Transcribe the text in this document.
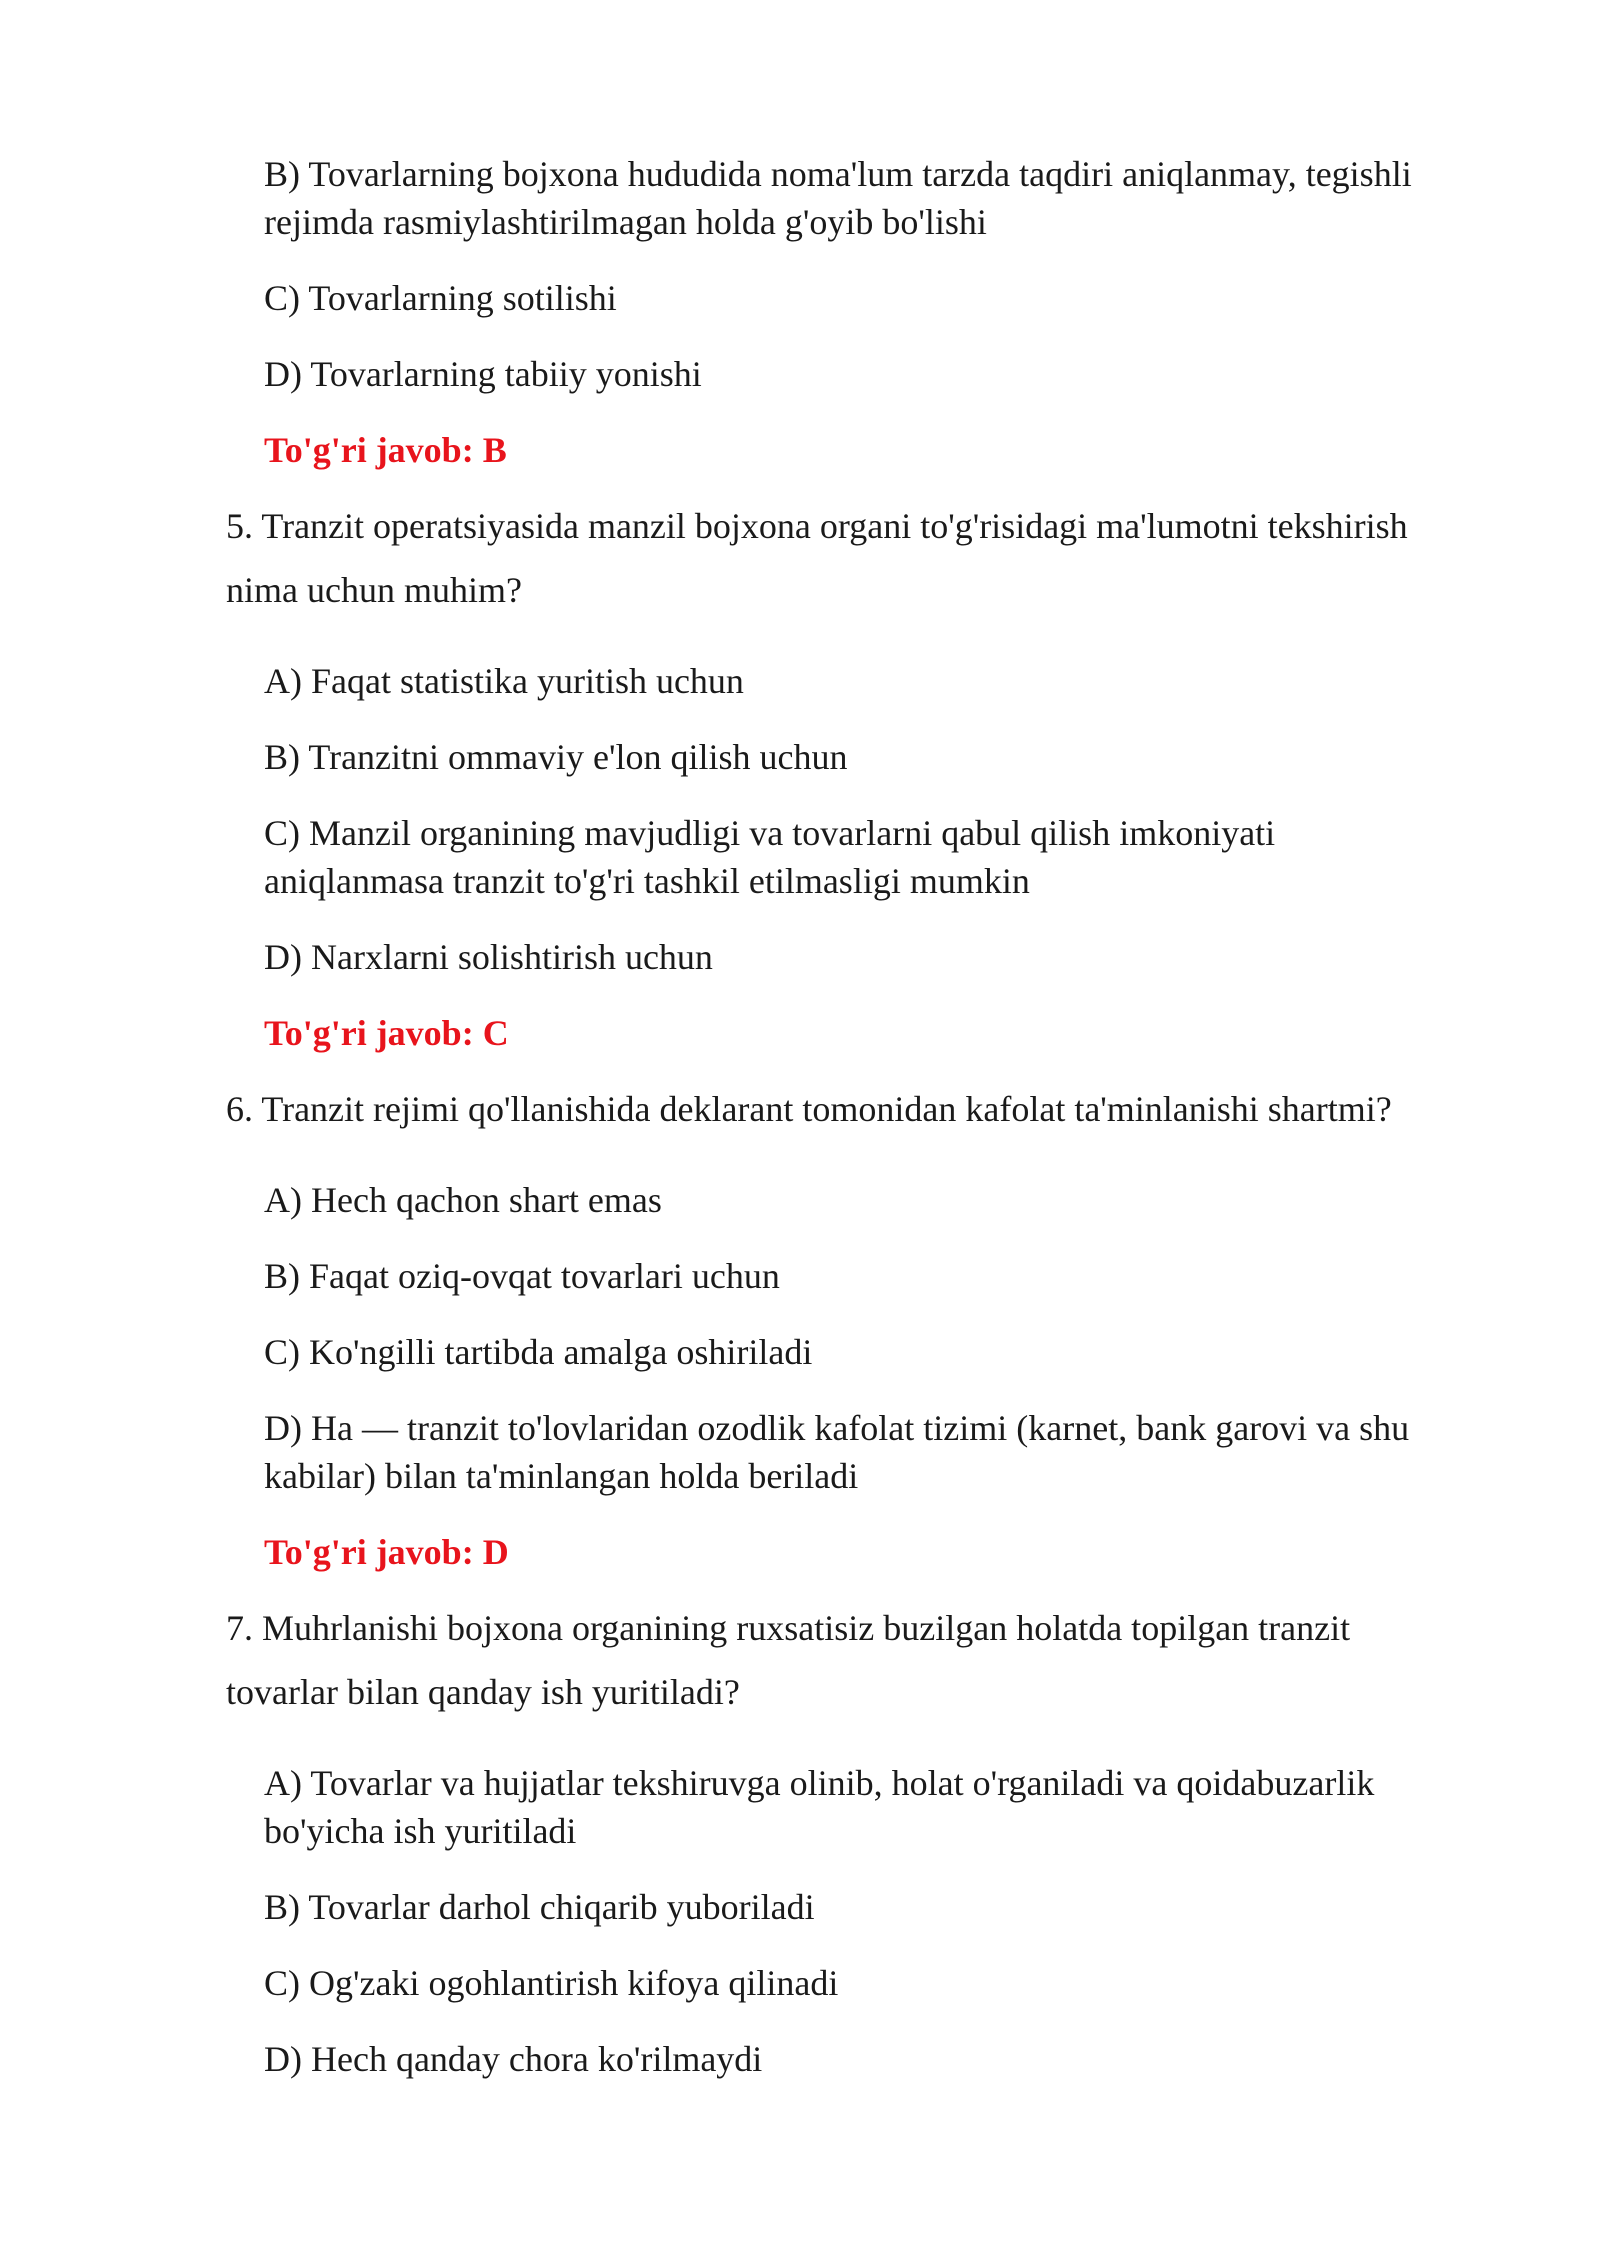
B) Tovarlarning bojxona hududida noma'lum tarzda taqdiri aniqlanmay, tegishli
rejimda rasmiylashtirilmagan holda g'oyib bo'lishi
C) Tovarlarning sotilishi
D) Tovarlarning tabiiy yonishi
To'g'ri javob: B
5. Tranzit operatsiyasida manzil bojxona organi to'g'risidagi ma'lumotni tekshirish
nima uchun muhim?
A) Faqat statistika yuritish uchun
B) Tranzitni ommaviy e'lon qilish uchun
C) Manzil organining mavjudligi va tovarlarni qabul qilish imkoniyati
aniqlanmasa tranzit to'g'ri tashkil etilmasligi mumkin
D) Narxlarni solishtirish uchun
To'g'ri javob: C
6. Tranzit rejimi qo'llanishida deklarant tomonidan kafolat ta'minlanishi shartmi?
A) Hech qachon shart emas
B) Faqat oziq-ovqat tovarlari uchun
C) Ko'ngilli tartibda amalga oshiriladi
D) Ha — tranzit to'lovlaridan ozodlik kafolat tizimi (karnet, bank garovi va shu
kabilar) bilan ta'minlangan holda beriladi
To'g'ri javob: D
7. Muhrlanishi bojxona organining ruxsatisiz buzilgan holatda topilgan tranzit
tovarlar bilan qanday ish yuritiladi?
A) Tovarlar va hujjatlar tekshiruvga olinib, holat o'rganiladi va qoidabuzarlik
bo'yicha ish yuritiladi
B) Tovarlar darhol chiqarib yuboriladi
C) Og'zaki ogohlantirish kifoya qilinadi
D) Hech qanday chora ko'rilmaydi
